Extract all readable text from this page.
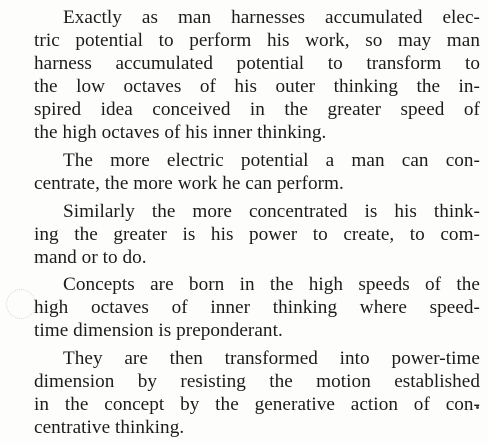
Exactly as man harnesses accumulated elec-
tric potential to perform his work, so may man
harness accumulated potential to transform to
the low octaves of his outer thinking the in-
spired idea conceived in the greater speed of
the high octaves of his inner thinking.
The more electric potential a man can con-
centrate, the more work he can perform.
Similarly the more concentrated is his think-
ing the greater is his power to create, to com-
mand or to do.
Concepts are born in the high speeds of the
high octaves of inner thinking where speed-
time dimension is preponderant.
They are then transformed into power-time
dimension by resisting the motion established
in the concept by the generative action of con-
centrative thinking.
